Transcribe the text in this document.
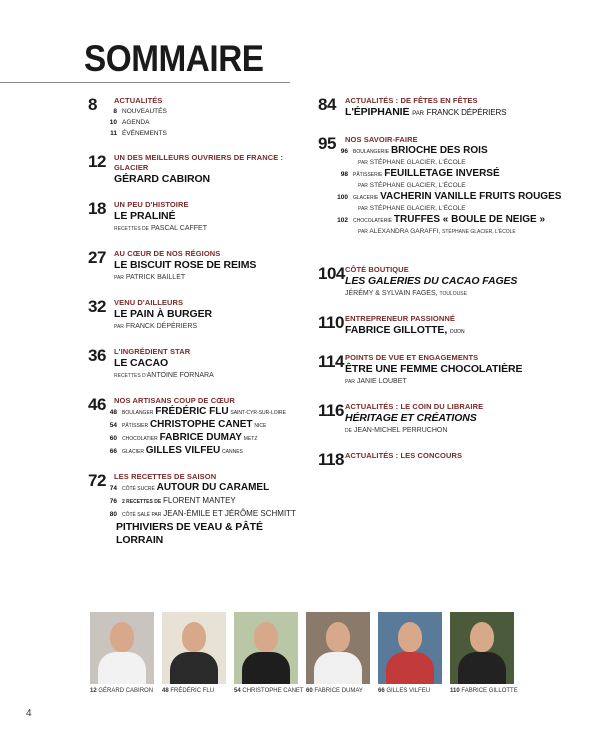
SOMMAIRE
8 ACTUALITÉS
8 NOUVEAUTÉS
10 AGENDA
11 ÉVÉNEMENTS
12 UN DES MEILLEURS OUVRIERS DE FRANCE : GLACIER
GÉRARD CABIRON
18 UN PEU D'HISTOIRE
LE PRALINÉ
RECETTES DE PASCAL CAFFET
27 AU CŒUR DE NOS RÉGIONS
LE BISCUIT ROSE DE REIMS
PAR PATRICK BAILLET
32 VENU D'AILLEURS
LE PAIN À BURGER
PAR FRANCK DÉPÉRIERS
36 L'INGRÉDIENT STAR
LE CACAO
RECETTES D'ANTOINE FORNARA
46 NOS ARTISANS COUP DE CŒUR
48	BOULANGER FRÉDÉRIC FLU SAINT-CYR-SUR-LOIRE
54	PÂTISSIER CHRISTOPHE CANET NICE
60	CHOCOLATIER FABRICE DUMAY METZ
66	GLACIER GILLES VILFEU CANNES
72 LES RECETTES DE SAISON
74	CÔTÉ SUCRÉ AUTOUR DU CARAMEL
76	2 RECETTES DE FLORENT MANTEY
80	CÔTÉ SALÉ PAR JEAN-ÉMILE ET JÉRÔME SCHMITT
PITHIVIERS DE VEAU & PÂTÉ LORRAIN
84 ACTUALITÉS : DE FÊTES EN FÊTES
L'ÉPIPHANIE PAR FRANCK DÉPÉRIERS
95 NOS SAVOIR-FAIRE
96	BOULANGERIE BRIOCHE DES ROIS
PAR STÉPHANE GLACIER, L'ÉCOLE
98	PÂTISSERIE FEUILLETAGE INVERSÉ
PAR STÉPHANE GLACIER, L'ÉCOLE
100	GLACERIE VACHERIN VANILLE FRUITS ROUGES
PAR STÉPHANE GLACIER, L'ÉCOLE
102	CHOCOLATERIE TRUFFES « BOULE DE NEIGE »
PAR ALEXANDRA GARAFFI, STÉPHANE GLACIER, L'ÉCOLE
104 CÔTÉ BOUTIQUE
LES GALERIES DU CACAO FAGES
JÉRÉMY & SYLVAIN FAGES, TOULOUSE
110 ENTREPRENEUR PASSIONNÉ
FABRICE GILLOTTE, DIJON
114 POINTS DE VUE ET ENGAGEMENTS
ÊTRE UNE FEMME CHOCOLATIÈRE
PAR JANIE LOUBET
116 ACTUALITÉS : LE COIN DU LIBRAIRE
HÉRITAGE ET CRÉATIONS
DE JEAN-MICHEL PERRUCHON
118 ACTUALITÉS : LES CONCOURS
12 GÉRARD CABIRON 48 FRÉDÉRIC FLU	54 CHRISTOPHE CANET 60 FABRICE DUMAY	66 GILLES VILFEU	110 FABRICE GILLOTTE
4
